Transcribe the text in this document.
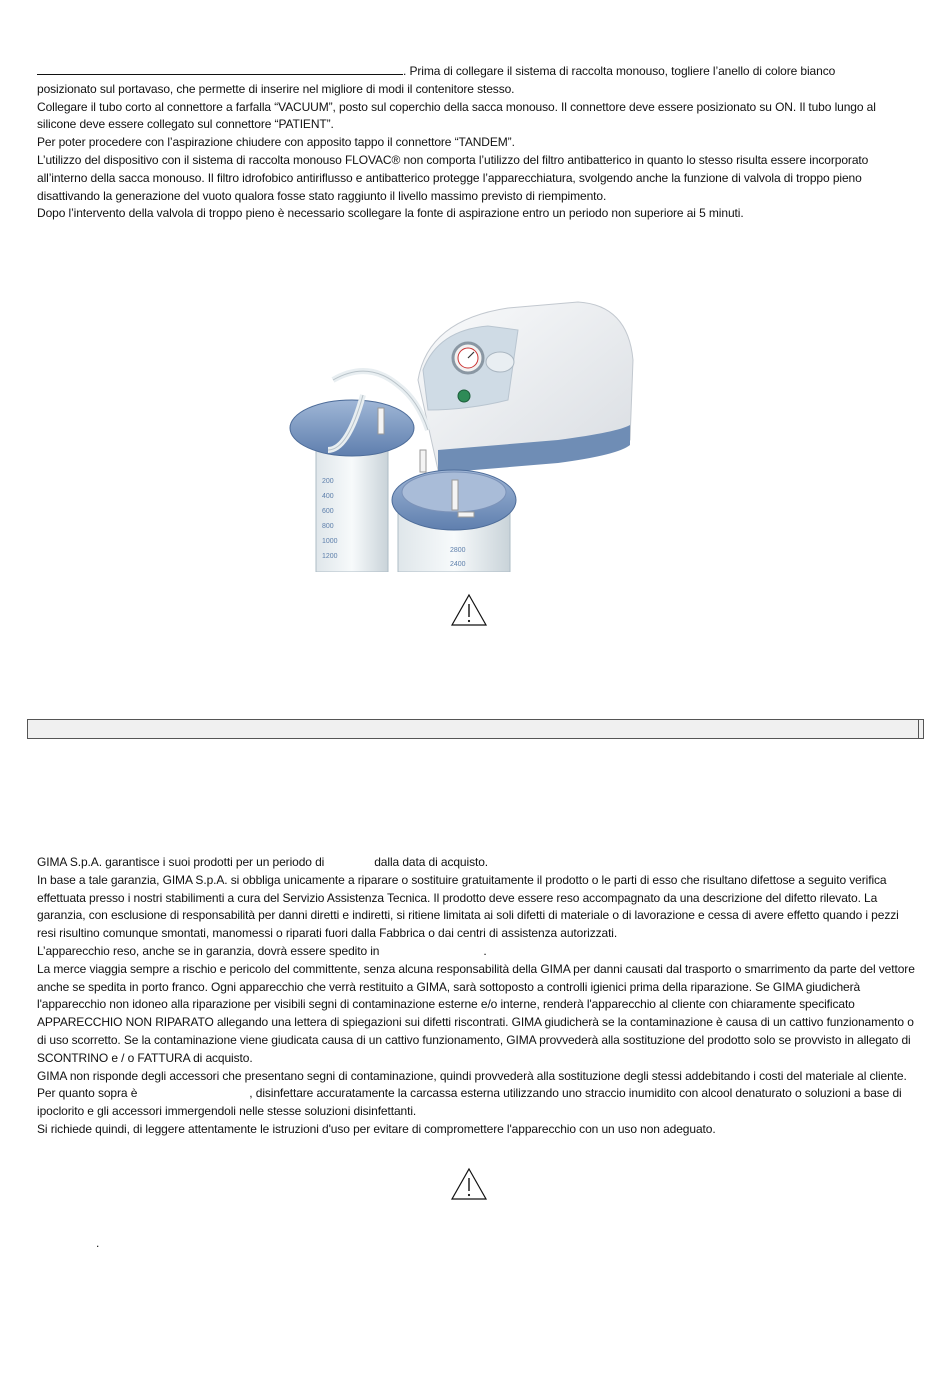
. Prima di collegare il sistema di raccolta monouso, togliere l’anello di colore bianco

posizionato sul portavaso, che permette di inserire nel migliore di modi il contenitore stesso.

Collegare il tubo corto al connettore a farfalla “VACUUM”, posto sul coperchio della sacca monouso. Il connettore deve essere posizionato su ON. Il tubo lungo al silicone deve essere collegato sul connettore “PATIENT”.

Per poter procedere con l’aspirazione chiudere con apposito tappo il connettore “TANDEM”.

L’utilizzo del dispositivo con il sistema di raccolta monouso FLOVAC® non comporta l’utilizzo del filtro antibatterico in quanto lo stesso risulta essere incorporato all’interno della sacca monouso. Il filtro idrofobico antiriflusso e antibatterico protegge l’apparecchiatura, svolgendo anche la funzione di valvola di troppo pieno disattivando la generazione del vuoto qualora fosse stato raggiunto il livello massimo previsto di riempimento.

Dopo l’intervento della valvola di troppo pieno è necessario scollegare la fonte di aspirazione entro un periodo non superiore ai 5 minuti.

200
400
600
800
1000
1200
2800
2400

GIMA S.p.A. garantisce i suoi prodotti per un periodo di	dalla data di acquisto.

In base a tale garanzia, GIMA S.p.A. si obbliga unicamente a riparare o sostituire gratuitamente il prodotto o le parti di esso che risultano difettose a seguito verifica effettuata presso i nostri stabilimenti a cura del Servizio Assistenza Tecnica. Il prodotto deve essere reso accompagnato da una descrizione del difetto rilevato. La garanzia, con esclusione di responsabilità per danni diretti e indiretti, si ritiene limitata ai soli difetti di materiale o di lavorazione e cessa di avere effetto quando i pezzi resi risultino comunque smontati, manomessi o riparati fuori dalla Fabbrica o dai centri di assistenza autorizzati.

L’apparecchio reso, anche se in garanzia, dovrà essere spedito in	.

La merce viaggia sempre a rischio e pericolo del committente, senza alcuna responsabilità della GIMA per danni causati dal trasporto o smarrimento da parte del vettore anche se spedita in porto franco. Ogni apparecchio che verrà restituito a GIMA, sarà sottoposto a controlli igienici prima della riparazione. Se GIMA giudicherà l'apparecchio non idoneo alla riparazione per visibili segni di contaminazione esterne e/o interne, renderà l'apparecchio al cliente con chiaramente specificato APPARECCHIO NON RIPARATO allegando una lettera di spiegazioni sui difetti riscontrati. GIMA giudicherà se la contaminazione è causa di un cattivo funzionamento o di uso scorretto. Se la contaminazione viene giudicata causa di un cattivo funzionamento, GIMA provvederà alla sostituzione del prodotto solo se provvisto in allegato di SCONTRINO e / o FATTURA di acquisto.

GIMA non risponde degli accessori che presentano segni di contaminazione, quindi provvederà alla sostituzione degli stessi addebitando i costi del materiale al cliente.

Per quanto sopra è	, disinfettare accuratamente la carcassa esterna utilizzando uno straccio inumidito con alcool denaturato o soluzioni a base di ipoclorito e gli accessori immergendoli nelle stesse soluzioni disinfettanti.

Si richiede quindi, di leggere attentamente le istruzioni d'uso per evitare di compromettere l'apparecchio con un uso non adeguato.

.
